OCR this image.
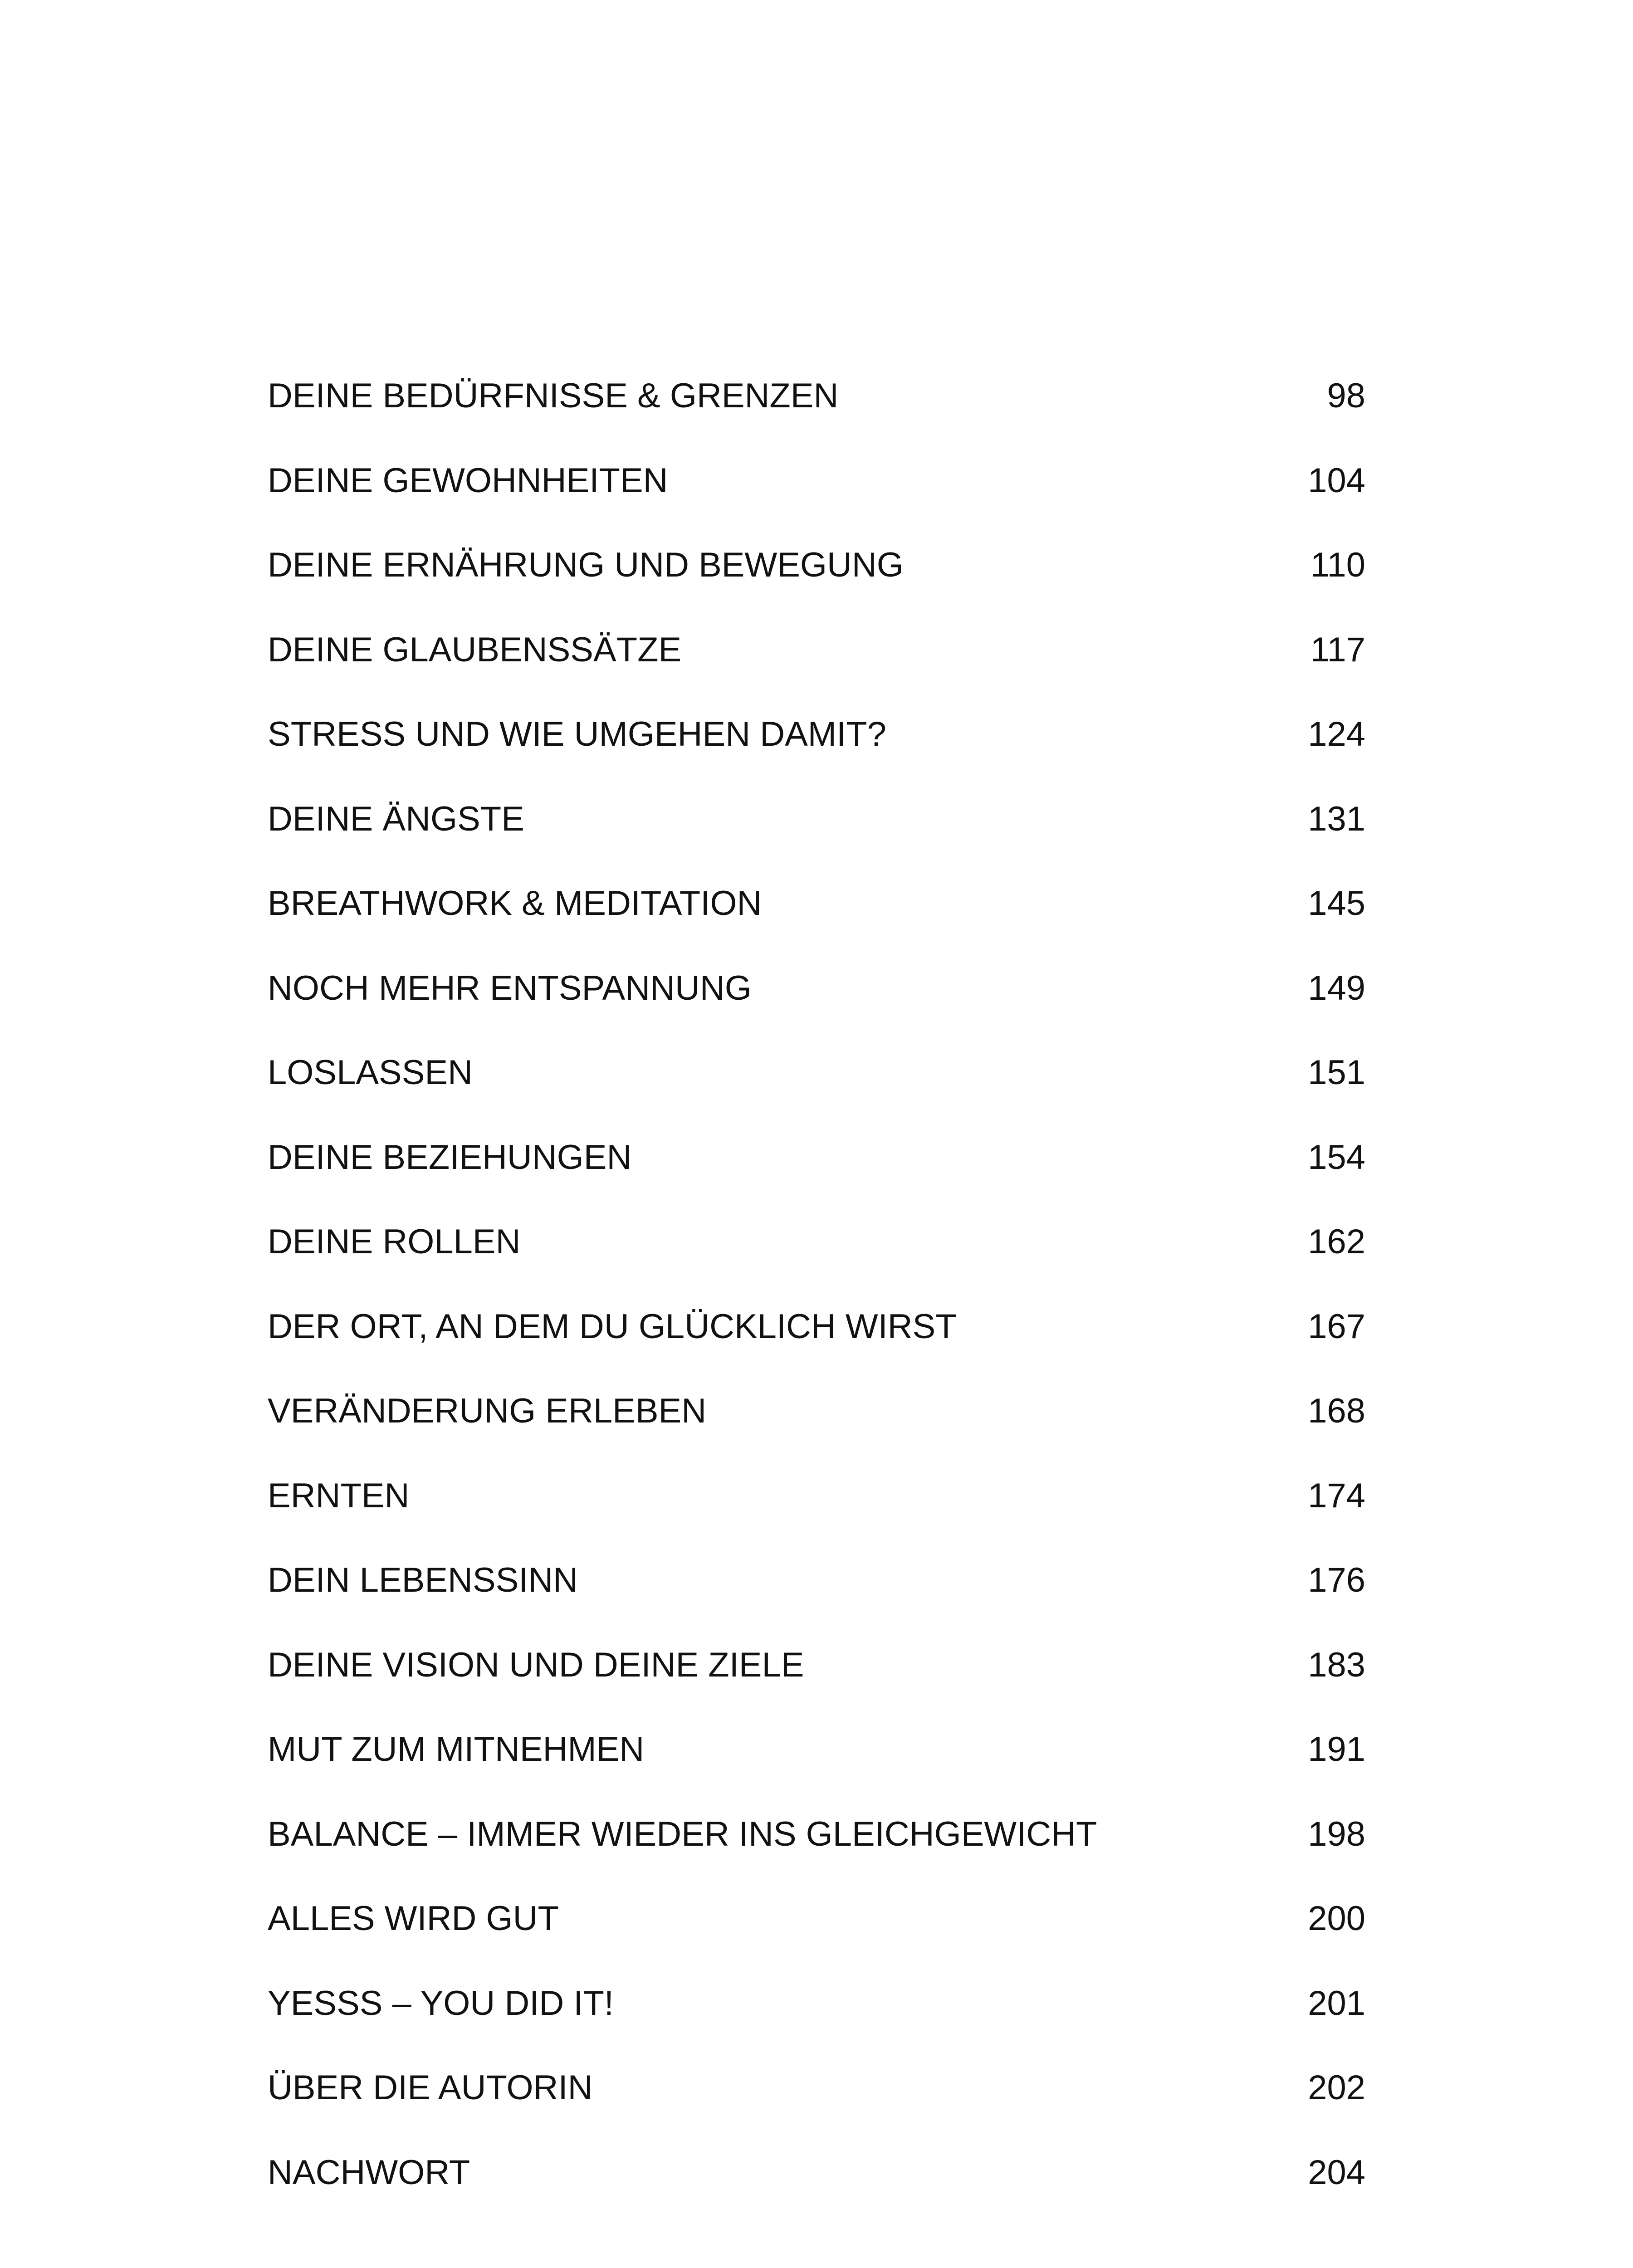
DEINE BEDÜRFNISSE & GRENZEN	98
DEINE GEWOHNHEITEN	104
DEINE ERNÄHRUNG UND BEWEGUNG	110
DEINE GLAUBENSSÄTZE	117
STRESS UND WIE UMGEHEN DAMIT?	124
DEINE ÄNGSTE	131
BREATHWORK & MEDITATION	145
NOCH MEHR ENTSPANNUNG	149
LOSLASSEN	151
DEINE BEZIEHUNGEN	154
DEINE ROLLEN	162
DER ORT, AN DEM DU GLÜCKLICH WIRST	167
VERÄNDERUNG ERLEBEN	168
ERNTEN	174
DEIN LEBENSSINN	176
DEINE VISION UND DEINE ZIELE	183
MUT ZUM MITNEHMEN	191
BALANCE – IMMER WIEDER INS GLEICHGEWICHT	198
ALLES WIRD GUT	200
YESSS – YOU DID IT!	201
ÜBER DIE AUTORIN	202
NACHWORT	204
